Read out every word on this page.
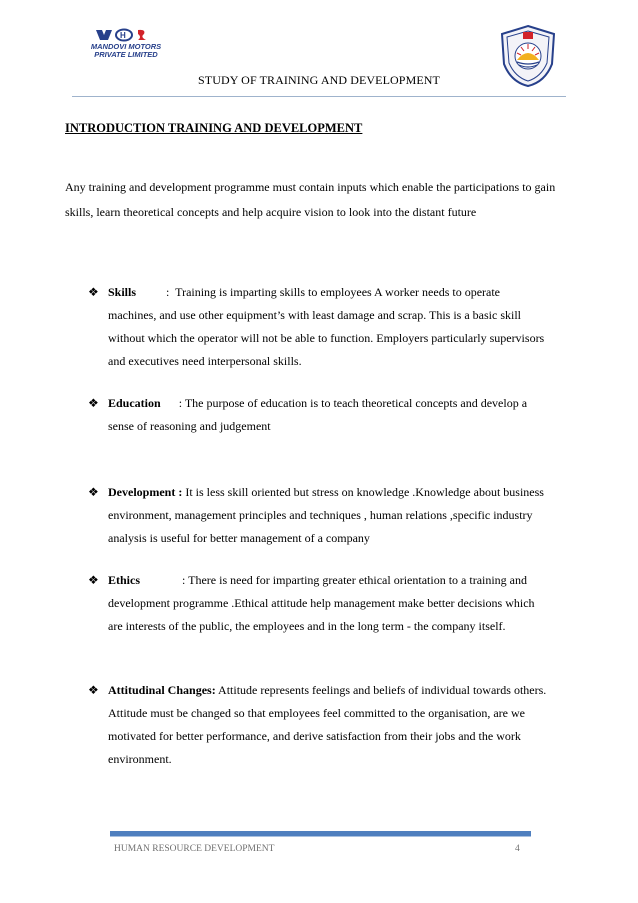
H
MANDOVI MOTORS
PRIVATE LIMITED
STUDY OF TRAINING AND DEVELOPMENT
INTRODUCTION TRAINING AND DEVELOPMENT
Any training and development programme must contain inputs which enable the participations to gain skills, learn theoretical concepts and help acquire vision to look into the distant future
❖ Skills          :  Training is imparting skills to employees A worker needs to operate machines, and use other equipment’s with least damage and scrap. This is a basic skill without which the operator will not be able to function. Employers particularly supervisors and executives need interpersonal skills.
❖ Education      : The purpose of education is to teach theoretical concepts and develop a sense of reasoning and judgement
❖ Development : It is less skill oriented but stress on knowledge .Knowledge about business environment, management principles and techniques , human relations ,specific industry analysis is useful for better management of a company
❖ Ethics              : There is need for imparting greater ethical orientation to a training and development programme .Ethical attitude help management make better decisions which are interests of the public, the employees and in the long term - the company itself.
❖ Attitudinal Changes: Attitude represents feelings and beliefs of individual towards others. Attitude must be changed so that employees feel committed to the organisation, are we motivated for better performance, and derive satisfaction from their jobs and the work environment.
HUMAN RESOURCE DEVELOPMENT	4
